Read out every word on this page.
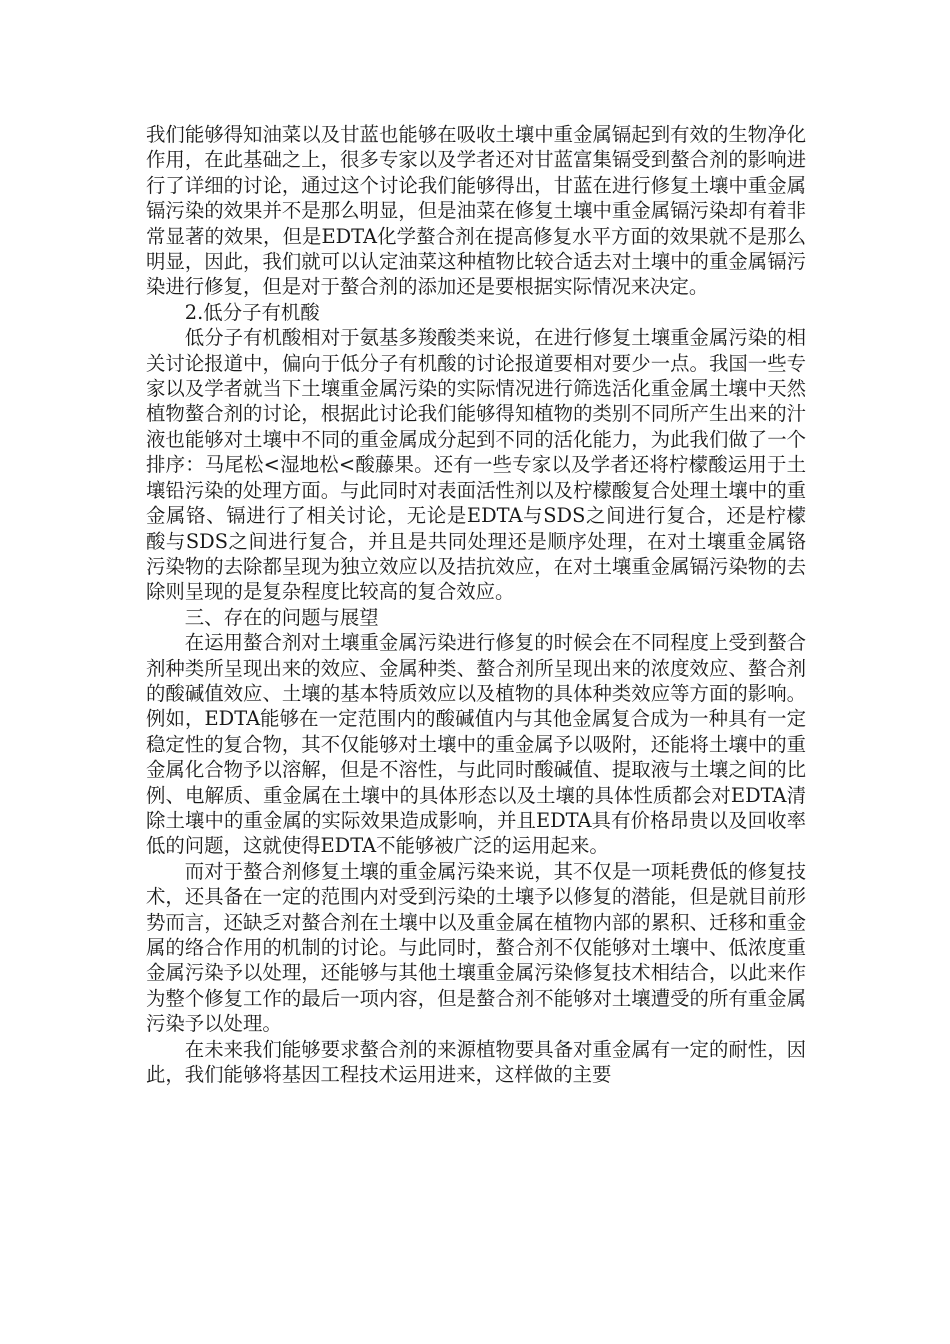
我们能够得知油菜以及甘蓝也能够在吸收土壤中重金属镉起到有效的生物净化作用，在此基础之上，很多专家以及学者还对甘蓝富集镉受到螯合剂的影响进行了详细的讨论，通过这个讨论我们能够得出，甘蓝在进行修复土壤中重金属镉污染的效果并不是那么明显，但是油菜在修复土壤中重金属镉污染却有着非常显著的效果，但是EDTA化学螯合剂在提高修复水平方面的效果就不是那么明显，因此，我们就可以认定油菜这种植物比较合适去对土壤中的重金属镉污染进行修复，但是对于螯合剂的添加还是要根据实际情况来决定。

2.低分子有机酸

低分子有机酸相对于氨基多羧酸类来说，在进行修复土壤重金属污染的相关讨论报道中，偏向于低分子有机酸的讨论报道要相对要少一点。我国一些专家以及学者就当下土壤重金属污染的实际情况进行筛选活化重金属土壤中天然植物螯合剂的讨论，根据此讨论我们能够得知植物的类别不同所产生出来的汁液也能够对土壤中不同的重金属成分起到不同的活化能力，为此我们做了一个排序：马尾松<湿地松<酸藤果。还有一些专家以及学者还将柠檬酸运用于土壤铅污染的处理方面。与此同时对表面活性剂以及柠檬酸复合处理土壤中的重金属铬、镉进行了相关讨论，无论是EDTA与SDS之间进行复合，还是柠檬酸与SDS之间进行复合，并且是共同处理还是顺序处理，在对土壤重金属铬污染物的去除都呈现为独立效应以及拮抗效应，在对土壤重金属镉污染物的去除则呈现的是复杂程度比较高的复合效应。

三、存在的问题与展望

在运用螯合剂对土壤重金属污染进行修复的时候会在不同程度上受到螯合剂种类所呈现出来的效应、金属种类、螯合剂所呈现出来的浓度效应、螯合剂的酸碱值效应、土壤的基本特质效应以及植物的具体种类效应等方面的影响。例如，EDTA能够在一定范围内的酸碱值内与其他金属复合成为一种具有一定稳定性的复合物，其不仅能够对土壤中的重金属予以吸附，还能将土壤中的重金属化合物予以溶解，但是不溶性，与此同时酸碱值、提取液与土壤之间的比例、电解质、重金属在土壤中的具体形态以及土壤的具体性质都会对EDTA清除土壤中的重金属的实际效果造成影响，并且EDTA具有价格昂贵以及回收率低的问题，这就使得EDTA不能够被广泛的运用起来。

而对于螯合剂修复土壤的重金属污染来说，其不仅是一项耗费低的修复技术，还具备在一定的范围内对受到污染的土壤予以修复的潜能，但是就目前形势而言，还缺乏对螯合剂在土壤中以及重金属在植物内部的累积、迁移和重金属的络合作用的机制的讨论。与此同时，螯合剂不仅能够对土壤中、低浓度重金属污染予以处理，还能够与其他土壤重金属污染修复技术相结合，以此来作为整个修复工作的最后一项内容，但是螯合剂不能够对土壤遭受的所有重金属污染予以处理。

在未来我们能够要求螯合剂的来源植物要具备对重金属有一定的耐性，因此，我们能够将基因工程技术运用进来，这样做的主要
